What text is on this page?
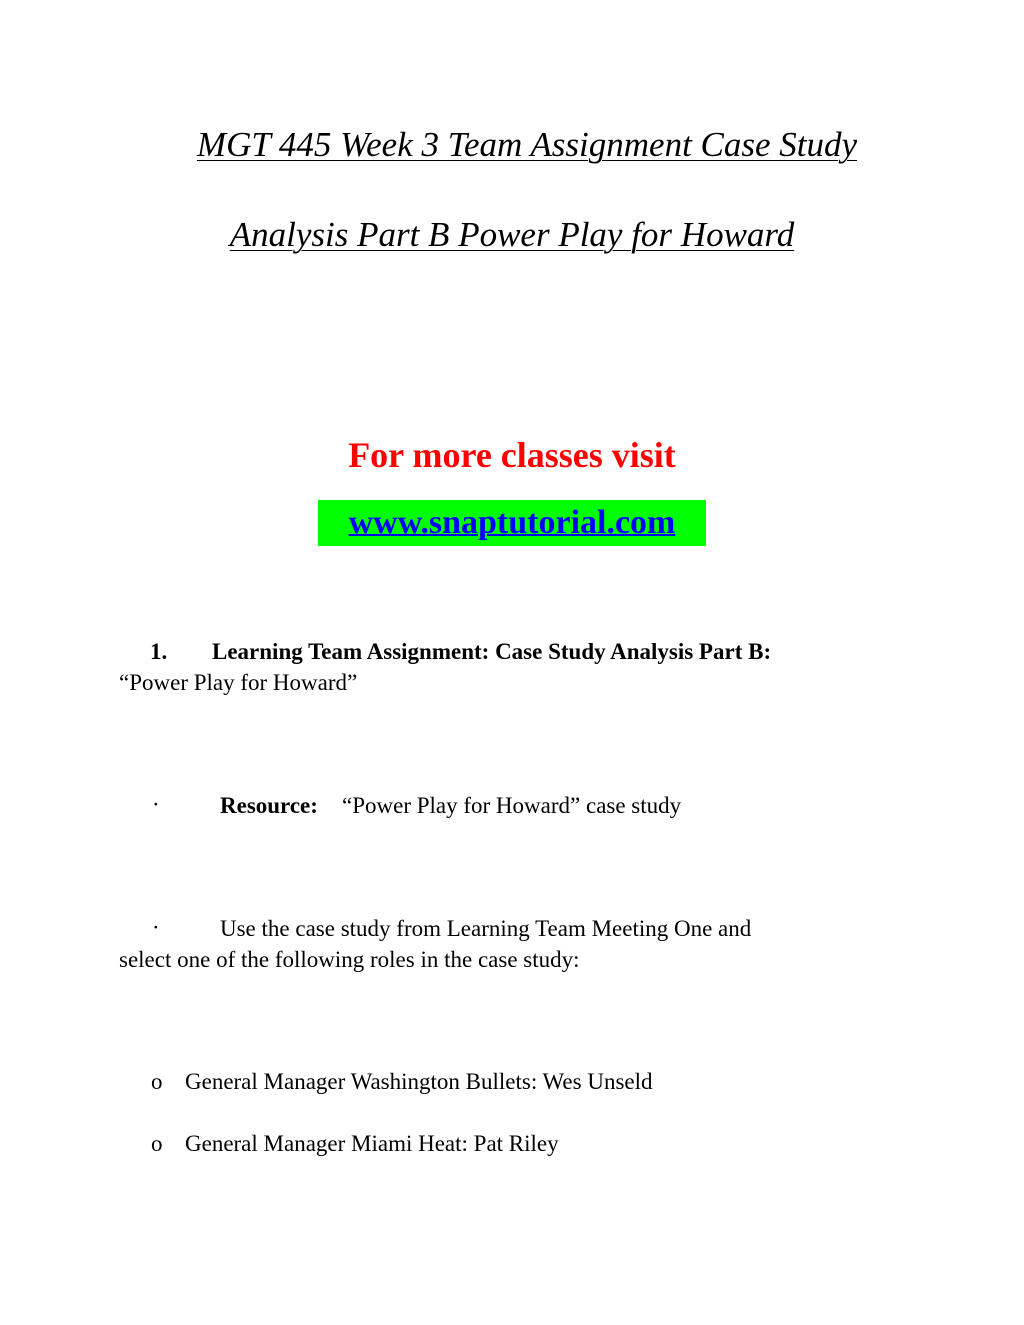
MGT 445 Week 3 Team Assignment Case Study
Analysis Part B Power Play for Howard
For more classes visit
www.snaptutorial.com
1. Learning Team Assignment: Case Study Analysis Part B:
“Power Play for Howard”
·	Resource: “Power Play for Howard” case study
·	Use the case study from Learning Team Meeting One and
select one of the following roles in the case study:
o General Manager Washington Bullets: Wes Unseld
o General Manager Miami Heat: Pat Riley
